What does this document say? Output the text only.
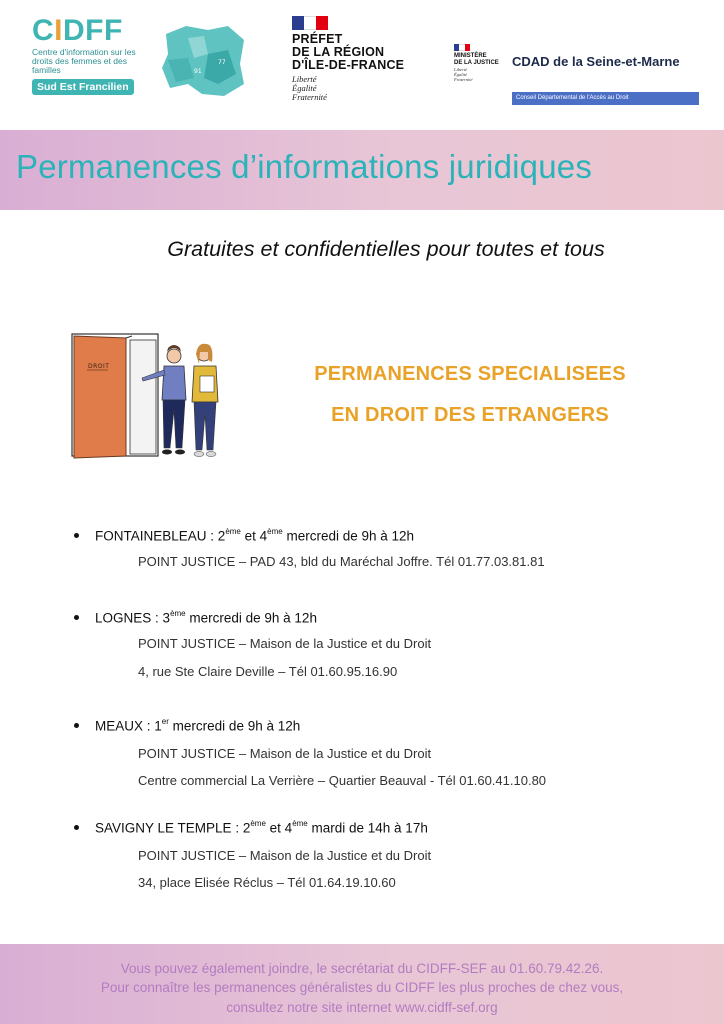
CIDFF
Centre d'information sur les droits des femmes et des familles
Sud Est Francilien
91
77
PRÉFET
DE LA RÉGION
D'ÎLE-DE-FRANCE
Liberté
Égalité
Fraternité
MINISTÈRE
DE LA JUSTICE
Liberté
Égalité
Fraternité
CDAD de la Seine-et-Marne
Conseil Départemental de l'Accès au Droit
Permanences d’informations juridiques
Gratuites et confidentielles pour toutes et tous
DROIT	PERMANENCES SPECIALISEES
EN DROIT DES ETRANGERS
FONTAINEBLEAU : 2ème et 4ème mercredi de 9h à 12h
POINT JUSTICE – PAD 43, bld du Maréchal Joffre. Tél 01.77.03.81.81
LOGNES : 3ème mercredi de 9h à 12h
POINT JUSTICE – Maison de la Justice et du Droit
4, rue Ste Claire Deville – Tél 01.60.95.16.90
MEAUX : 1er mercredi de 9h à 12h
POINT JUSTICE – Maison de la Justice et du Droit
Centre commercial La Verrière – Quartier Beauval - Tél 01.60.41.10.80
SAVIGNY LE TEMPLE : 2ème et 4ème mardi de 14h à 17h
POINT JUSTICE – Maison de la Justice et du Droit
34, place Elisée Réclus – Tél 01.64.19.10.60
Vous pouvez également joindre, le secrétariat du CIDFF-SEF au 01.60.79.42.26.
Pour connaître les permanences généralistes du CIDFF les plus proches de chez vous,
consultez notre site internet www.cidff-sef.org
